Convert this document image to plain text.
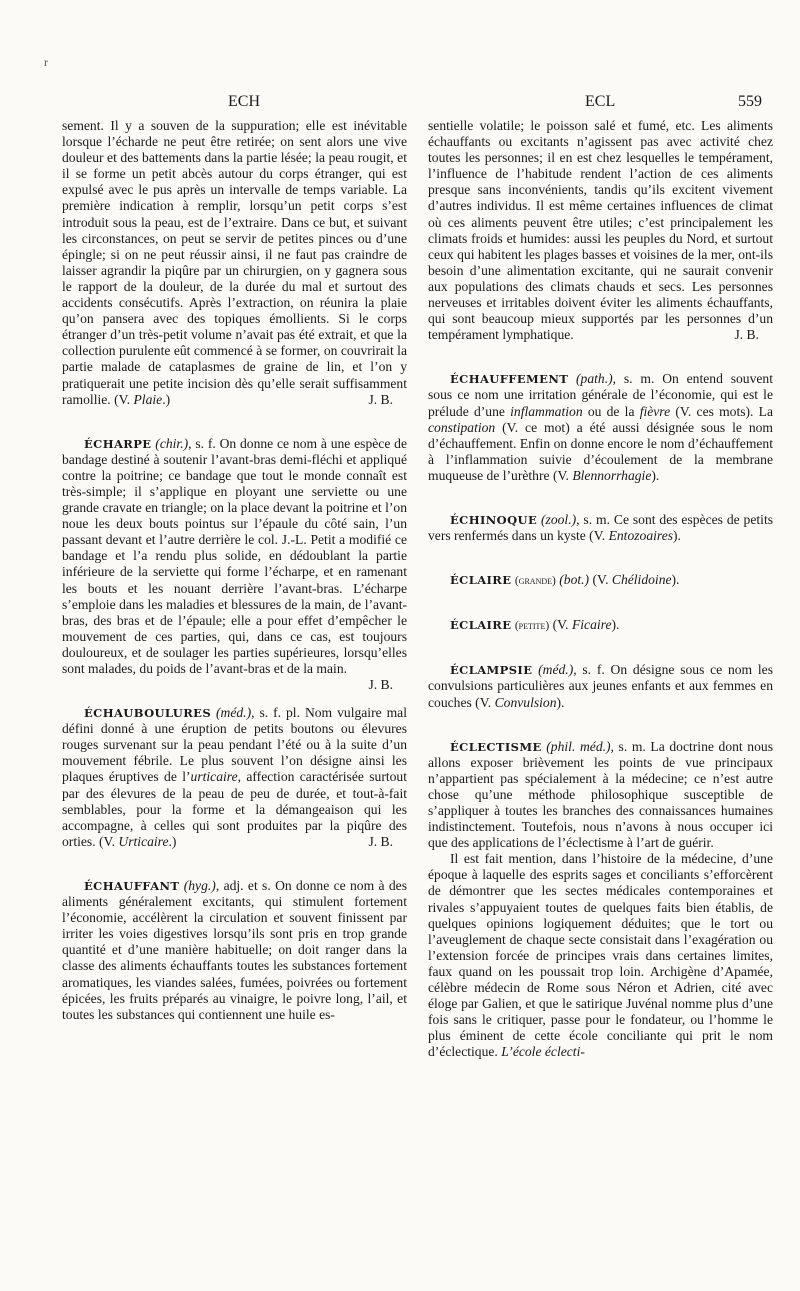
r
ECH	ECL	559

sement. Il y a souven de la suppuration; elle est inévitable lorsque l’écharde ne peut être retirée; on sent alors une vive douleur et des battements dans la partie lésée; la peau rougit, et il se forme un petit abcès autour du corps étranger, qui est expulsé avec le pus après un intervalle de temps variable. La première indication à remplir, lorsqu’un petit corps s’est introduit sous la peau, est de l’extraire. Dans ce but, et suivant les circonstances, on peut se servir de petites pinces ou d’une épingle; si on ne peut réussir ainsi, il ne faut pas craindre de laisser agrandir la piqûre par un chirurgien, on y gagnera sous le rapport de la douleur, de la durée du mal et surtout des accidents consécutifs. Après l’extraction, on réunira la plaie qu’on pansera avec des topiques émollients. Si le corps étranger d’un très-petit volume n’avait pas été extrait, et que la collection purulente eût commencé à se former, on couvrirait la partie malade de cataplasmes de graine de lin, et l’on y pratiquerait une petite incision dès qu’elle serait suffisamment ramollie. (V. Plaie.)	J. B.

ÉCHARPE (chir.), s. f. On donne ce nom à une espèce de bandage destiné à soutenir l’avant-bras demi-fléchi et appliqué contre la poitrine; ce bandage que tout le monde connaît est très-simple; il s’applique en ployant une serviette ou une grande cravate en triangle; on la place devant la poitrine et l’on noue les deux bouts pointus sur l’épaule du côté sain, l’un passant devant et l’autre derrière le col. J.-L. Petit a modifié ce bandage et l’a rendu plus solide, en dédoublant la partie inférieure de la serviette qui forme l’écharpe, et en ramenant les bouts et les nouant derrière l’avant-bras. L’écharpe s’emploie dans les maladies et blessures de la main, de l’avant-bras, des bras et de l’épaule; elle a pour effet d’empêcher le mouvement de ces parties, qui, dans ce cas, est toujours douloureux, et de soulager les parties supérieures, lorsqu’elles sont malades, du poids de l’avant-bras et de la main.
J. B.

ÉCHAUBOULURES (méd.), s. f. pl. Nom vulgaire mal défini donné à une éruption de petits boutons ou élevures rouges survenant sur la peau pendant l’été ou à la suite d’un mouvement fébrile. Le plus souvent l’on désigne ainsi les plaques éruptives de l’urticaire, affection caractérisée surtout par des élevures de la peau de peu de durée, et tout-à-fait semblables, pour la forme et la démangeaison qui les accompagne, à celles qui sont produites par la piqûre des orties. (V. Urticaire.)	J. B.

ÉCHAUFFANT (hyg.), adj. et s. On donne ce nom à des aliments généralement excitants, qui stimulent fortement l’économie, accélèrent la circulation et souvent finissent par irriter les voies digestives lorsqu’ils sont pris en trop grande quantité et d’une manière habituelle; on doit ranger dans la classe des aliments échauffants toutes les substances fortement aromatiques, les viandes salées, fumées, poivrées ou fortement épicées, les fruits préparés au vinaigre, le poivre long, l’ail, et toutes les substances qui contiennent une huile es-

sentielle volatile; le poisson salé et fumé, etc. Les aliments échauffants ou excitants n’agissent pas avec activité chez toutes les personnes; il en est chez lesquelles le tempérament, l’influence de l’habitude rendent l’action de ces aliments presque sans inconvénients, tandis qu’ils excitent vivement d’autres individus. Il est même certaines influences de climat où ces aliments peuvent être utiles; c’est principalement les climats froids et humides: aussi les peuples du Nord, et surtout ceux qui habitent les plages basses et voisines de la mer, ont-ils besoin d’une alimentation excitante, qui ne saurait convenir aux populations des climats chauds et secs. Les personnes nerveuses et irritables doivent éviter les aliments échauffants, qui sont beaucoup mieux supportés par les personnes d’un tempérament lymphatique.	J. B.

ÉCHAUFFEMENT (path.), s. m. On entend souvent sous ce nom une irritation générale de l’économie, qui est le prélude d’une inflammation ou de la fièvre (V. ces mots). La constipation (V. ce mot) a été aussi désignée sous le nom d’échauffement. Enfin on donne encore le nom d’échauffement à l’inflammation suivie d’écoulement de la membrane muqueuse de l’urèthre (V. Blennorrhagie).

ÉCHINOQUE (zool.), s. m. Ce sont des espèces de petits vers renfermés dans un kyste (V. Entozoaires).

ÉCLAIRE (grande) (bot.) (V. Chélidoine).

ÉCLAIRE (petite) (V. Ficaire).

ÉCLAMPSIE (méd.), s. f. On désigne sous ce nom les convulsions particulières aux jeunes enfants et aux femmes en couches (V. Convulsion).

ÉCLECTISME (phil. méd.), s. m. La doctrine dont nous allons exposer brièvement les points de vue principaux n’appartient pas spécialement à la médecine; ce n’est autre chose qu’une méthode philosophique susceptible de s’appliquer à toutes les branches des connaissances humaines indistinctement. Toutefois, nous n’avons à nous occuper ici que des applications de l’éclectisme à l’art de guérir.

Il est fait mention, dans l’histoire de la médecine, d’une époque à laquelle des esprits sages et conciliants s’efforcèrent de démontrer que les sectes médicales contemporaines et rivales s’appuyaient toutes de quelques faits bien établis, de quelques opinions logiquement déduites; que le tort ou l’aveuglement de chaque secte consistait dans l’exagération ou l’extension forcée de principes vrais dans certaines limites, faux quand on les poussait trop loin. Archigène d’Apamée, célèbre médecin de Rome sous Néron et Adrien, cité avec éloge par Galien, et que le satirique Juvénal nomme plus d’une fois sans le critiquer, passe pour le fondateur, ou l’homme le plus éminent de cette école conciliante qui prit le nom d’éclectique. L’école éclecti-
